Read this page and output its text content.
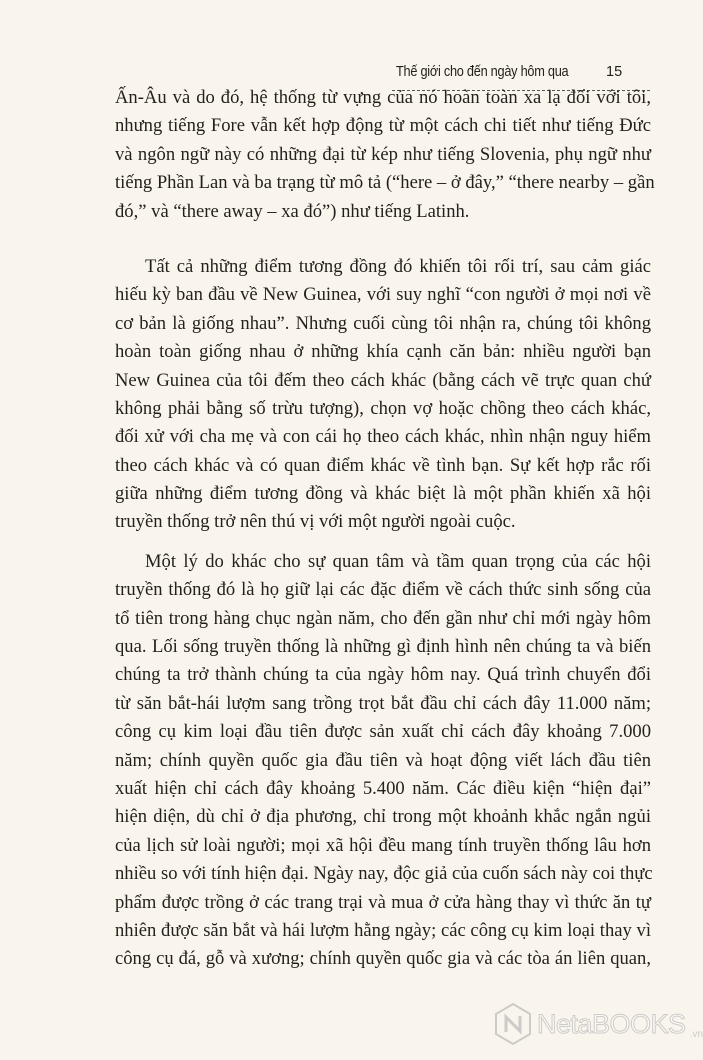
Thế giới cho đến ngày hôm qua	15
Ấn-Âu và do đó, hệ thống từ vựng của nó hoàn toàn xa lạ đối với tôi,
nhưng tiếng Fore vẫn kết hợp động từ một cách chi tiết như tiếng Đức
và ngôn ngữ này có những đại từ kép như tiếng Slovenia, phụ ngữ như
tiếng Phần Lan và ba trạng từ mô tả (“here – ở đây,” “there nearby – gần
đó,” và “there away – xa đó”) như tiếng Latinh.
Tất cả những điểm tương đồng đó khiến tôi rối trí, sau cảm giác
hiếu kỳ ban đầu về New Guinea, với suy nghĩ “con người ở mọi nơi về
cơ bản là giống nhau”. Nhưng cuối cùng tôi nhận ra, chúng tôi không
hoàn toàn giống nhau ở những khía cạnh căn bản: nhiều người bạn
New Guinea của tôi đếm theo cách khác (bằng cách vẽ trực quan chứ
không phải bằng số trừu tượng), chọn vợ hoặc chồng theo cách khác,
đối xử với cha mẹ và con cái họ theo cách khác, nhìn nhận nguy hiểm
theo cách khác và có quan điểm khác về tình bạn. Sự kết hợp rắc rối
giữa những điểm tương đồng và khác biệt là một phần khiến xã hội
truyền thống trở nên thú vị với một người ngoài cuộc.
Một lý do khác cho sự quan tâm và tầm quan trọng của các hội
truyền thống đó là họ giữ lại các đặc điểm về cách thức sinh sống của
tổ tiên trong hàng chục ngàn năm, cho đến gần như chỉ mới ngày hôm
qua. Lối sống truyền thống là những gì định hình nên chúng ta và biến
chúng ta trở thành chúng ta của ngày hôm nay. Quá trình chuyển đổi
từ săn bắt-hái lượm sang trồng trọt bắt đầu chỉ cách đây 11.000 năm;
công cụ kim loại đầu tiên được sản xuất chỉ cách đây khoảng 7.000
năm; chính quyền quốc gia đầu tiên và hoạt động viết lách đầu tiên
xuất hiện chỉ cách đây khoảng 5.400 năm. Các điều kiện “hiện đại”
hiện diện, dù chỉ ở địa phương, chỉ trong một khoảnh khắc ngắn ngủi
của lịch sử loài người; mọi xã hội đều mang tính truyền thống lâu hơn
nhiều so với tính hiện đại. Ngày nay, độc giả của cuốn sách này coi thực
phẩm được trồng ở các trang trại và mua ở cửa hàng thay vì thức ăn tự
nhiên được săn bắt và hái lượm hằng ngày; các công cụ kim loại thay vì
công cụ đá, gỗ và xương; chính quyền quốc gia và các tòa án liên quan,
NetaBOOKS .vn
